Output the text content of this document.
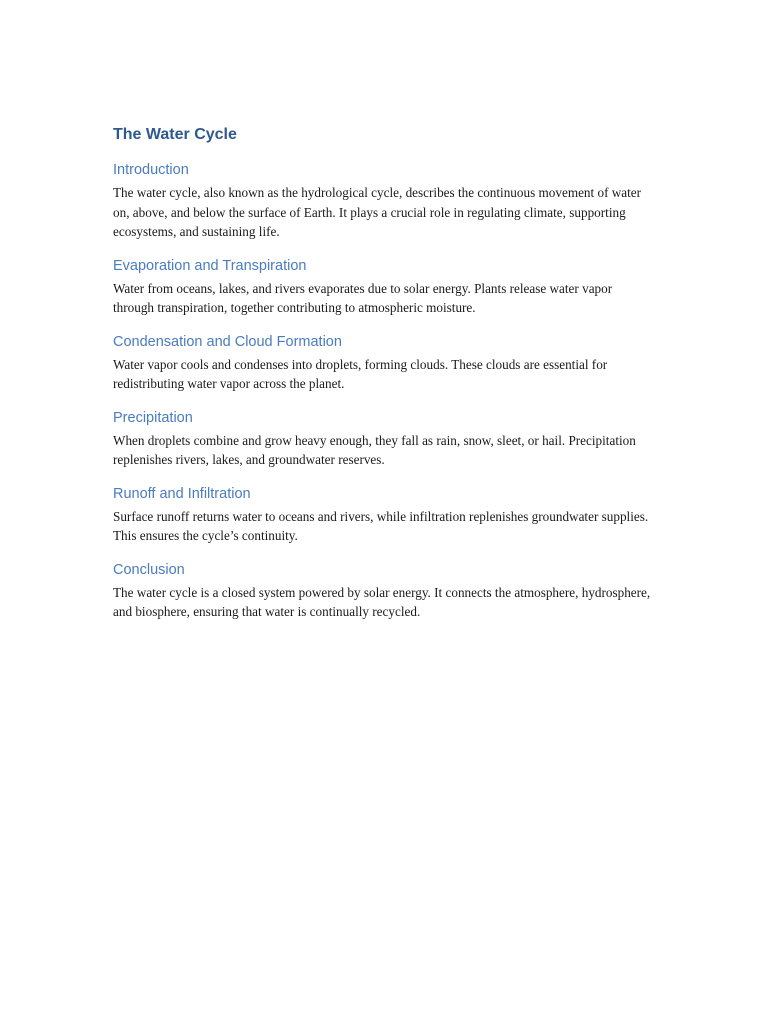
The Water Cycle
Introduction

The water cycle, also known as the hydrological cycle, describes the continuous movement of water on, above, and below the surface of Earth. It plays a crucial role in regulating climate, supporting ecosystems, and sustaining life.

Evaporation and Transpiration

Water from oceans, lakes, and rivers evaporates due to solar energy. Plants release water vapor through transpiration, together contributing to atmospheric moisture.

Condensation and Cloud Formation

Water vapor cools and condenses into droplets, forming clouds. These clouds are essential for redistributing water vapor across the planet.

Precipitation

When droplets combine and grow heavy enough, they fall as rain, snow, sleet, or hail. Precipitation replenishes rivers, lakes, and groundwater reserves.

Runoff and Infiltration

Surface runoff returns water to oceans and rivers, while infiltration replenishes groundwater supplies. This ensures the cycle’s continuity.

Conclusion

The water cycle is a closed system powered by solar energy. It connects the atmosphere, hydrosphere, and biosphere, ensuring that water is continually recycled.
